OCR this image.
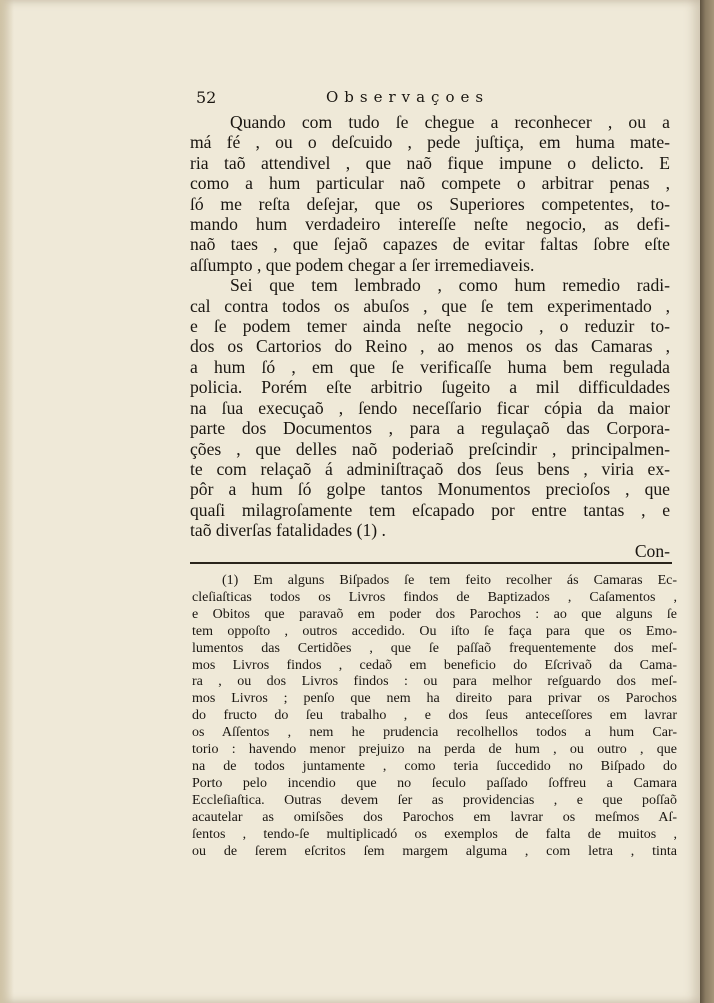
52	Observaçoes
Quando com tudo ſe chegue a reconhecer , ou a
má fé , ou o deſcuido , pede juſtiça, em huma mate-
ria taõ attendivel , que naõ fique impune o delicto. E
como a hum particular naõ compete o arbitrar penas ,
ſó me reſta deſejar, que os Superiores competentes, to-
mando hum verdadeiro intereſſe neſte negocio, as defi-
naõ taes , que ſejaõ capazes de evitar faltas ſobre eſte
aſſumpto , que podem chegar a ſer irremediaveis.
Sei que tem lembrado , como hum remedio radi-
cal contra todos os abuſos , que ſe tem experimentado ,
e ſe podem temer ainda neſte negocio , o reduzir to-
dos os Cartorios do Reino , ao menos os das Camaras ,
a hum ſó , em que ſe verificaſſe huma bem regulada
policia. Porém eſte arbitrio ſugeito a mil difficuldades
na ſua execuçaõ , ſendo neceſſario ficar cópia da maior
parte dos Documentos , para a regulaçaõ das Corpora-
ções , que delles naõ poderiaõ preſcindir , principalmen-
te com relaçaõ á adminiſtraçaõ dos ſeus bens , viria ex-
pôr a hum ſó golpe tantos Monumentos precioſos , que
quaſi milagroſamente tem eſcapado por entre tantas , e
taõ diverſas fatalidades (1) .
Con-
(1) Em alguns Biſpados ſe tem feito recolher ás Camaras Ec-
cleſiaſticas todos os Livros findos de Baptizados , Caſamentos ,
e Obitos que paravaõ em poder dos Parochos : ao que alguns ſe
tem oppoſto , outros accedido. Ou iſto ſe faça para que os Emo-
lumentos das Certidões , que ſe paſſaõ frequentemente dos meſ-
mos Livros findos , cedaõ em beneficio do Eſcrivaõ da Cama-
ra , ou dos Livros findos : ou para melhor reſguardo dos meſ-
mos Livros ; penſo que nem ha direito para privar os Parochos
do fructo do ſeu trabalho , e dos ſeus anteceſſores em lavrar
os Aſſentos , nem he prudencia recolhellos todos a hum Car-
torio : havendo menor prejuizo na perda de hum , ou outro , que
na de todos juntamente , como teria ſuccedido no Biſpado do
Porto pelo incendio que no ſeculo paſſado ſoffreu a Camara
Eccleſiaſtica. Outras devem ſer as providencias , e que poſſaõ
acautelar as omiſsões dos Parochos em lavrar os meſmos Aſ-
ſentos , tendo-ſe multiplicadó os exemplos de falta de muitos ,
ou de ſerem eſcritos ſem margem alguma , com letra , tinta
